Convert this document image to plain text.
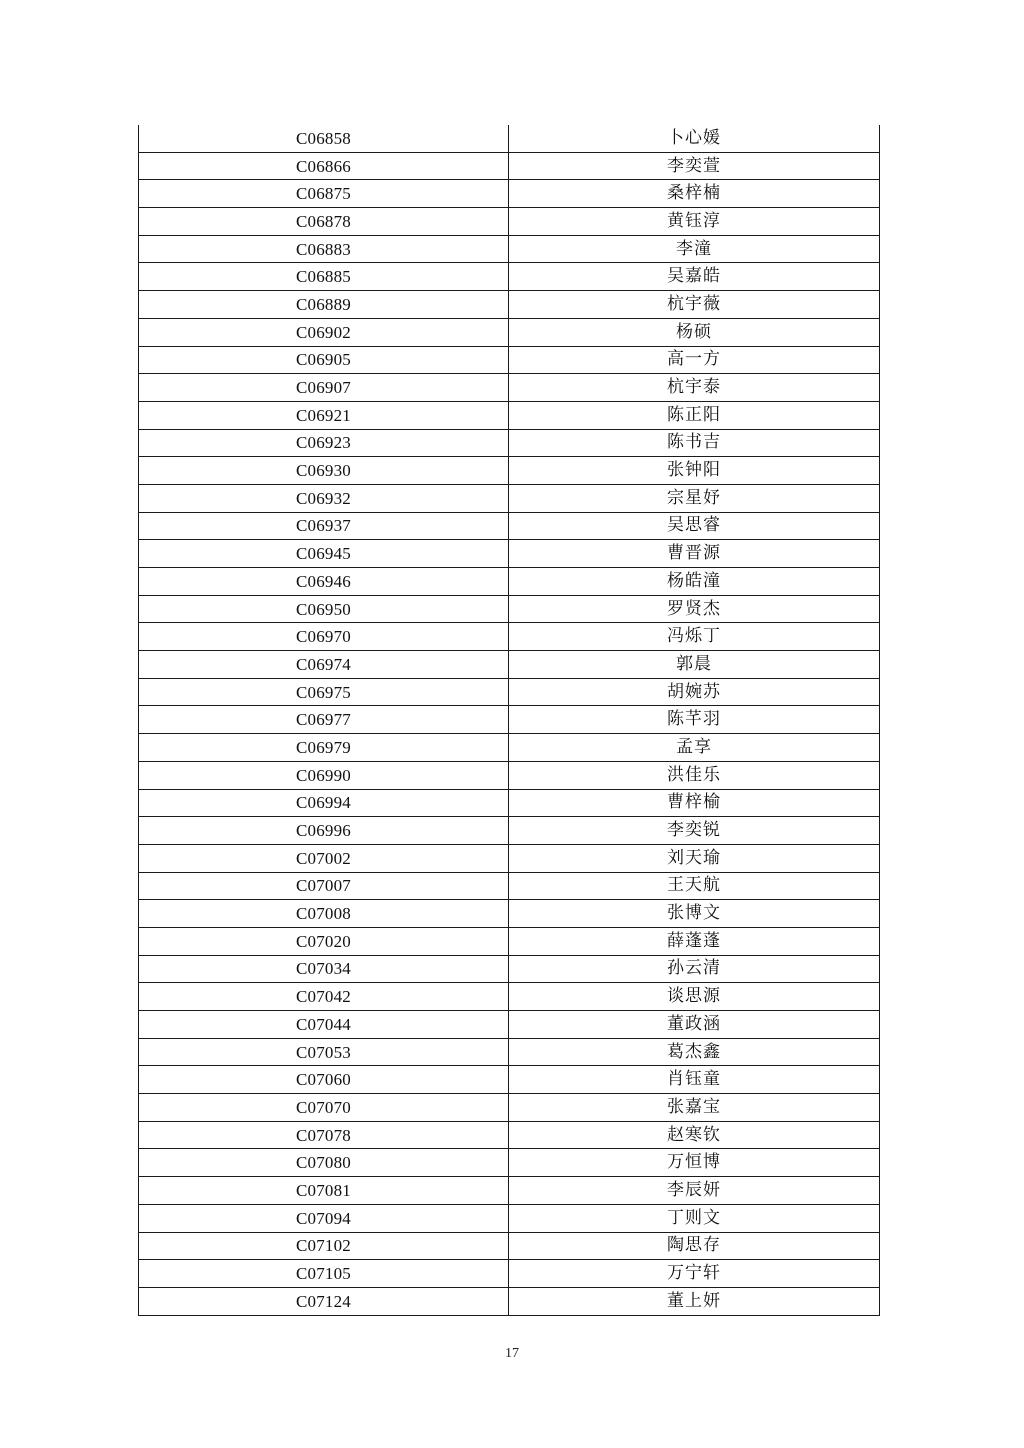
C06858	卜心媛
C06866	李奕萱
C06875	桑梓楠
C06878	黄钰淳
C06883	李潼
C06885	吴嘉皓
C06889	杭宇薇
C06902	杨硕
C06905	高一方
C06907	杭宇泰
C06921	陈正阳
C06923	陈书吉
C06930	张钟阳
C06932	宗星妤
C06937	吴思睿
C06945	曹晋源
C06946	杨皓潼
C06950	罗贤杰
C06970	冯烁丁
C06974	郭晨
C06975	胡婉苏
C06977	陈芊羽
C06979	孟享
C06990	洪佳乐
C06994	曹梓榆
C06996	李奕锐
C07002	刘天瑜
C07007	王天航
C07008	张博文
C07020	薛蓬蓬
C07034	孙云清
C07042	谈思源
C07044	董政涵
C07053	葛杰鑫
C07060	肖钰童
C07070	张嘉宝
C07078	赵寒钦
C07080	万恒博
C07081	李辰妍
C07094	丁则文
C07102	陶思存
C07105	万宁轩
C07124	董上妍
17
